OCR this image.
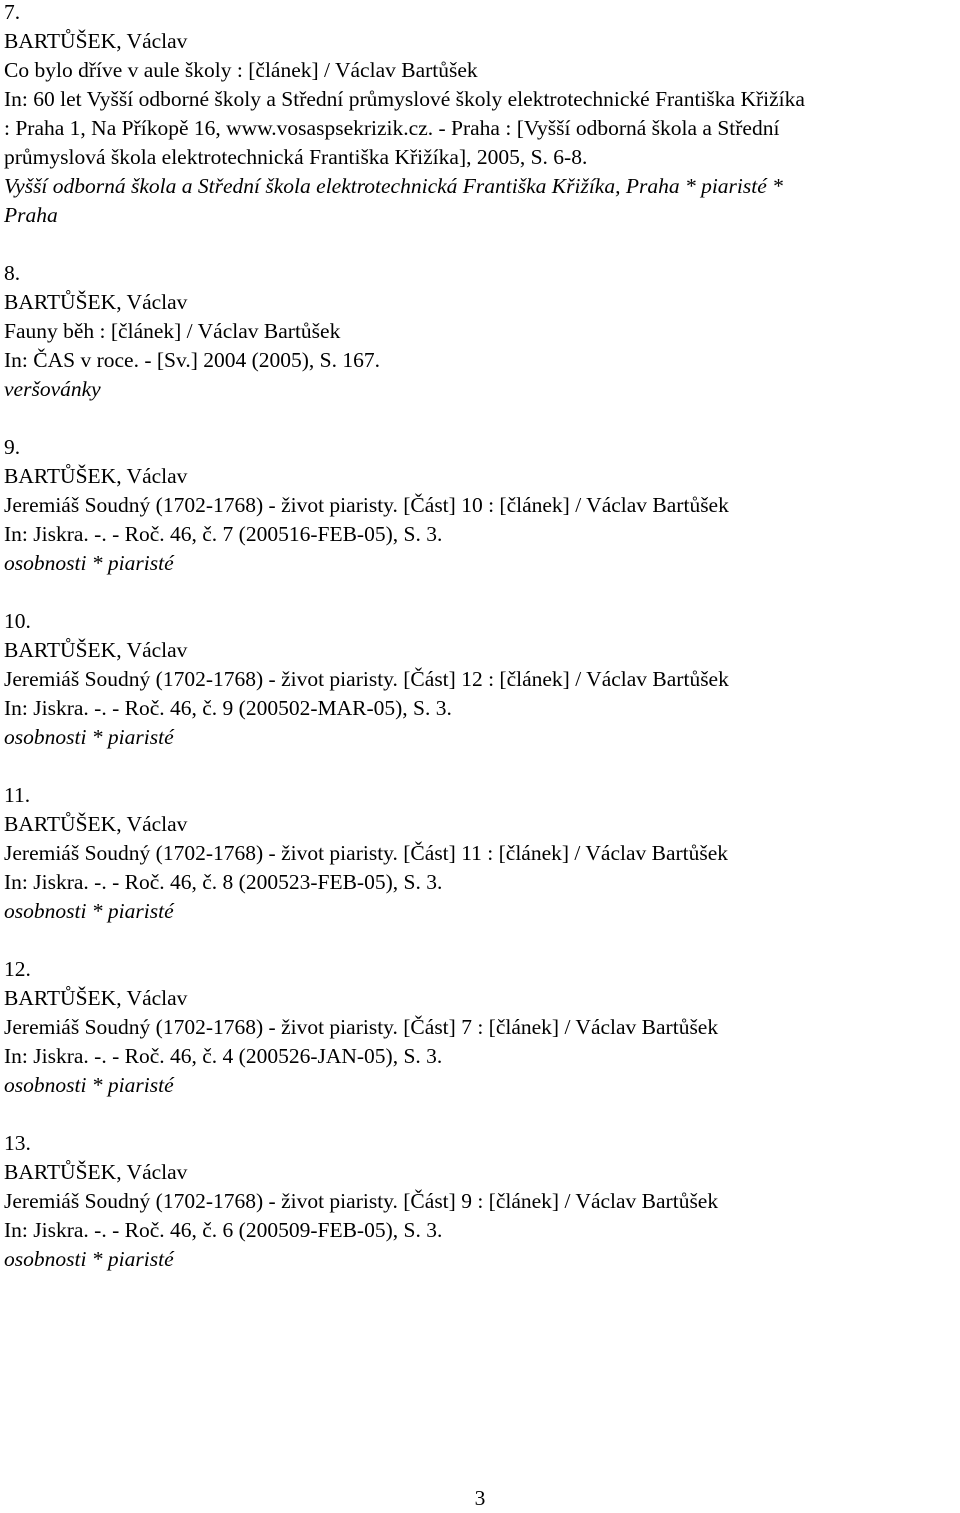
7.
BARTŮŠEK, Václav
Co bylo dříve v aule školy : [článek] / Václav Bartůšek
In: 60 let Vyšší odborné školy a Střední průmyslové školy elektrotechnické Františka Křižíka
: Praha 1, Na Příkopě 16, www.vosaspsekrizik.cz. - Praha : [Vyšší odborná škola a Střední
průmyslová škola elektrotechnická Františka Křižíka], 2005, S. 6-8.
Vyšší odborná škola a Střední škola elektrotechnická Františka Křižíka, Praha * piaristé *
Praha
8.
BARTŮŠEK, Václav
Fauny běh : [článek] / Václav Bartůšek
In: ČAS v roce. - [Sv.] 2004 (2005), S. 167.
veršovánky
9.
BARTŮŠEK, Václav
Jeremiáš Soudný (1702-1768) - život piaristy. [Část] 10 : [článek] / Václav Bartůšek
In: Jiskra. -. - Roč. 46, č. 7 (200516-FEB-05), S. 3.
osobnosti * piaristé
10.
BARTŮŠEK, Václav
Jeremiáš Soudný (1702-1768) - život piaristy. [Část] 12 : [článek] / Václav Bartůšek
In: Jiskra. -. - Roč. 46, č. 9 (200502-MAR-05), S. 3.
osobnosti * piaristé
11.
BARTŮŠEK, Václav
Jeremiáš Soudný (1702-1768) - život piaristy. [Část] 11 : [článek] / Václav Bartůšek
In: Jiskra. -. - Roč. 46, č. 8 (200523-FEB-05), S. 3.
osobnosti * piaristé
12.
BARTŮŠEK, Václav
Jeremiáš Soudný (1702-1768) - život piaristy. [Část] 7 : [článek] / Václav Bartůšek
In: Jiskra. -. - Roč. 46, č. 4 (200526-JAN-05), S. 3.
osobnosti * piaristé
13.
BARTŮŠEK, Václav
Jeremiáš Soudný (1702-1768) - život piaristy. [Část] 9 : [článek] / Václav Bartůšek
In: Jiskra. -. - Roč. 46, č. 6 (200509-FEB-05), S. 3.
osobnosti * piaristé
3
